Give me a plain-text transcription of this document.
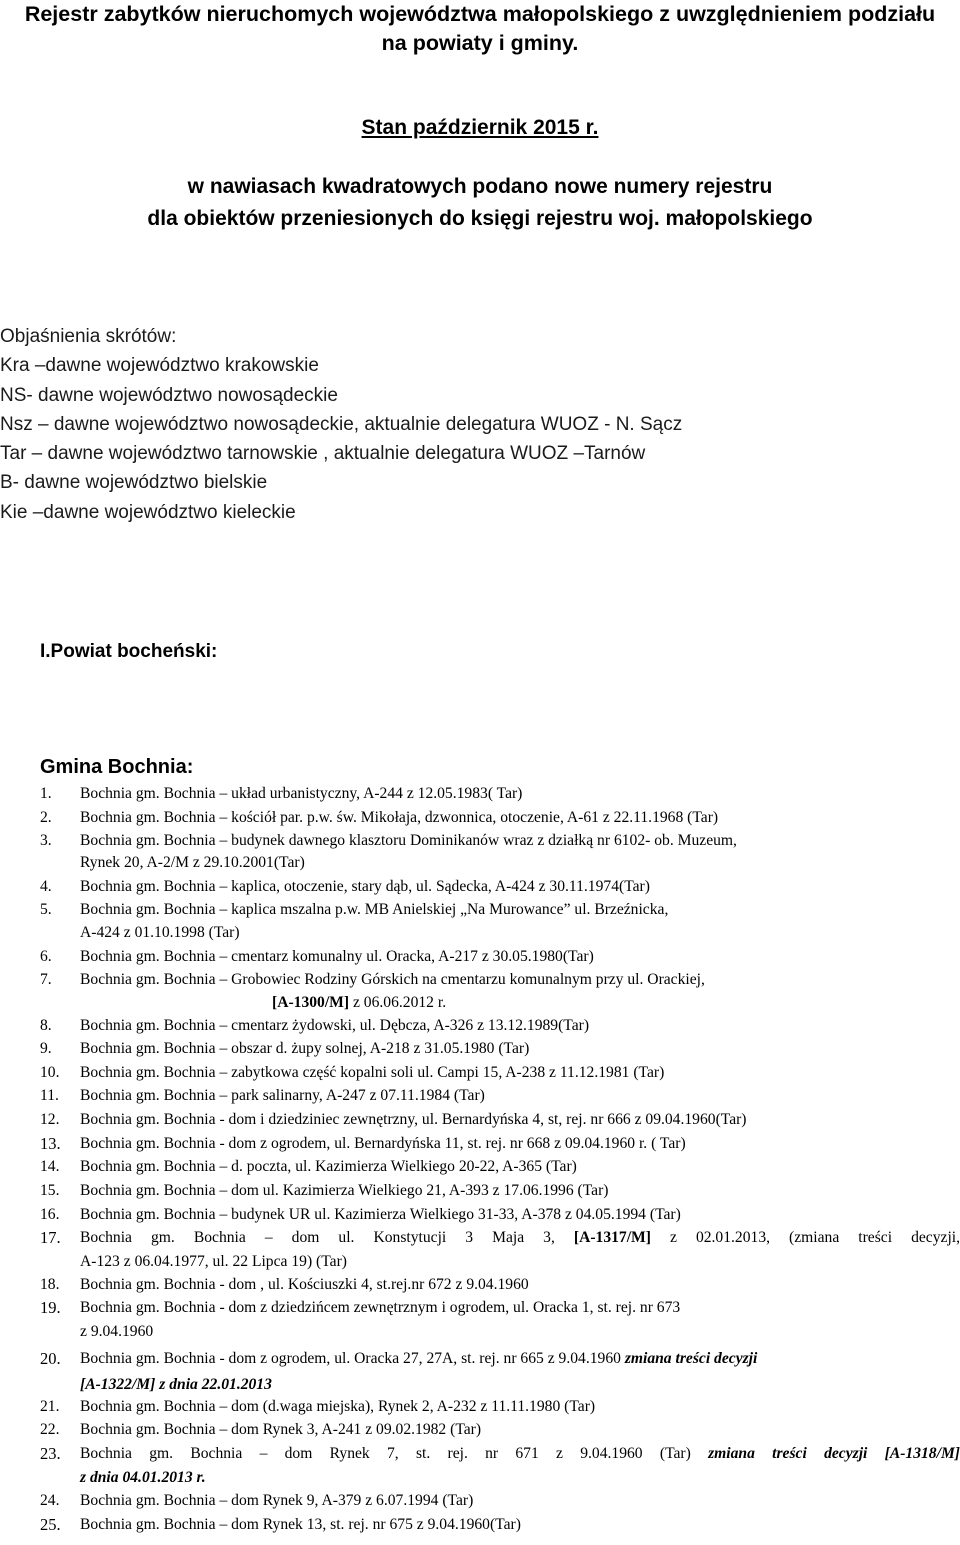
Rejestr zabytków nieruchomych województwa małopolskiego z uwzględnieniem podziału
na powiaty i gminy.
Stan październik 2015 r.
w nawiasach kwadratowych podano nowe numery rejestru
dla obiektów przeniesionych do księgi rejestru woj. małopolskiego
Objaśnienia skrótów:
Kra –dawne województwo krakowskie
NS- dawne województwo nowosądeckie
Nsz – dawne województwo nowosądeckie, aktualnie delegatura WUOZ - N. Sącz
Tar – dawne województwo tarnowskie , aktualnie delegatura WUOZ –Tarnów
B- dawne województwo bielskie
Kie –dawne województwo kieleckie
I.Powiat bocheński:
Gmina Bochnia:
1. Bochnia gm. Bochnia – układ urbanistyczny, A-244 z 12.05.1983( Tar)
2. Bochnia gm. Bochnia – kościół par. p.w. św. Mikołaja, dzwonnica, otoczenie, A-61 z 22.11.1968 (Tar)
3. Bochnia gm. Bochnia – budynek dawnego klasztoru Dominikanów wraz z działką nr 6102- ob. Muzeum,
Rynek 20, A-2/M z 29.10.2001(Tar)
4. Bochnia gm. Bochnia – kaplica, otoczenie, stary dąb, ul. Sądecka, A-424 z 30.11.1974(Tar)
5. Bochnia gm. Bochnia – kaplica mszalna p.w. MB Anielskiej „Na Murowance” ul. Brzeźnicka,
A-424 z 01.10.1998 (Tar)
6. Bochnia gm. Bochnia – cmentarz komunalny ul. Oracka, A-217 z 30.05.1980(Tar)
7. Bochnia gm. Bochnia – Grobowiec Rodziny Górskich na cmentarzu komunalnym przy ul. Orackiej,
[A-1300/M] z 06.06.2012 r.
8. Bochnia gm. Bochnia – cmentarz żydowski, ul. Dębcza, A-326 z 13.12.1989(Tar)
9. Bochnia gm. Bochnia – obszar d. żupy solnej, A-218 z 31.05.1980 (Tar)
10. Bochnia gm. Bochnia – zabytkowa część kopalni soli ul. Campi 15, A-238 z 11.12.1981 (Tar)
11. Bochnia gm. Bochnia – park salinarny, A-247 z 07.11.1984 (Tar)
12. Bochnia gm. Bochnia - dom i dziedziniec zewnętrzny, ul. Bernardyńska 4, st, rej. nr 666 z 09.04.1960(Tar)
13. Bochnia gm. Bochnia - dom z ogrodem, ul. Bernardyńska 11, st. rej. nr 668 z 09.04.1960 r. ( Tar)
14. Bochnia gm. Bochnia – d. poczta, ul. Kazimierza Wielkiego 20-22, A-365 (Tar)
15. Bochnia gm. Bochnia – dom ul. Kazimierza Wielkiego 21, A-393 z 17.06.1996 (Tar)
16. Bochnia gm. Bochnia – budynek UR ul. Kazimierza Wielkiego 31-33, A-378 z 04.05.1994 (Tar)
17. Bochnia gm. Bochnia – dom ul. Konstytucji 3 Maja 3, [A-1317/M] z 02.01.2013, (zmiana treści decyzji,
A-123 z 06.04.1977, ul. 22 Lipca 19) (Tar)
18. Bochnia gm. Bochnia - dom , ul. Kościuszki 4, st.rej.nr 672 z 9.04.1960
19. Bochnia gm. Bochnia - dom z dziedzińcem zewnętrznym i ogrodem, ul. Oracka 1, st. rej. nr 673
z 9.04.1960
20. Bochnia gm. Bochnia - dom z ogrodem, ul. Oracka 27, 27A, st. rej. nr 665 z 9.04.1960 zmiana treści decyzji
[A-1322/M] z dnia 22.01.2013
21. Bochnia gm. Bochnia – dom (d.waga miejska), Rynek 2, A-232 z 11.11.1980 (Tar)
22. Bochnia gm. Bochnia – dom Rynek 3, A-241 z 09.02.1982 (Tar)
23. Bochnia gm. Bochnia – dom Rynek 7, st. rej. nr 671 z 9.04.1960 (Tar) zmiana treści decyzji [A-1318/M]
z dnia 04.01.2013 r.
24. Bochnia gm. Bochnia – dom Rynek 9, A-379 z 6.07.1994 (Tar)
25. Bochnia gm. Bochnia – dom Rynek 13, st. rej. nr 675 z 9.04.1960(Tar)
